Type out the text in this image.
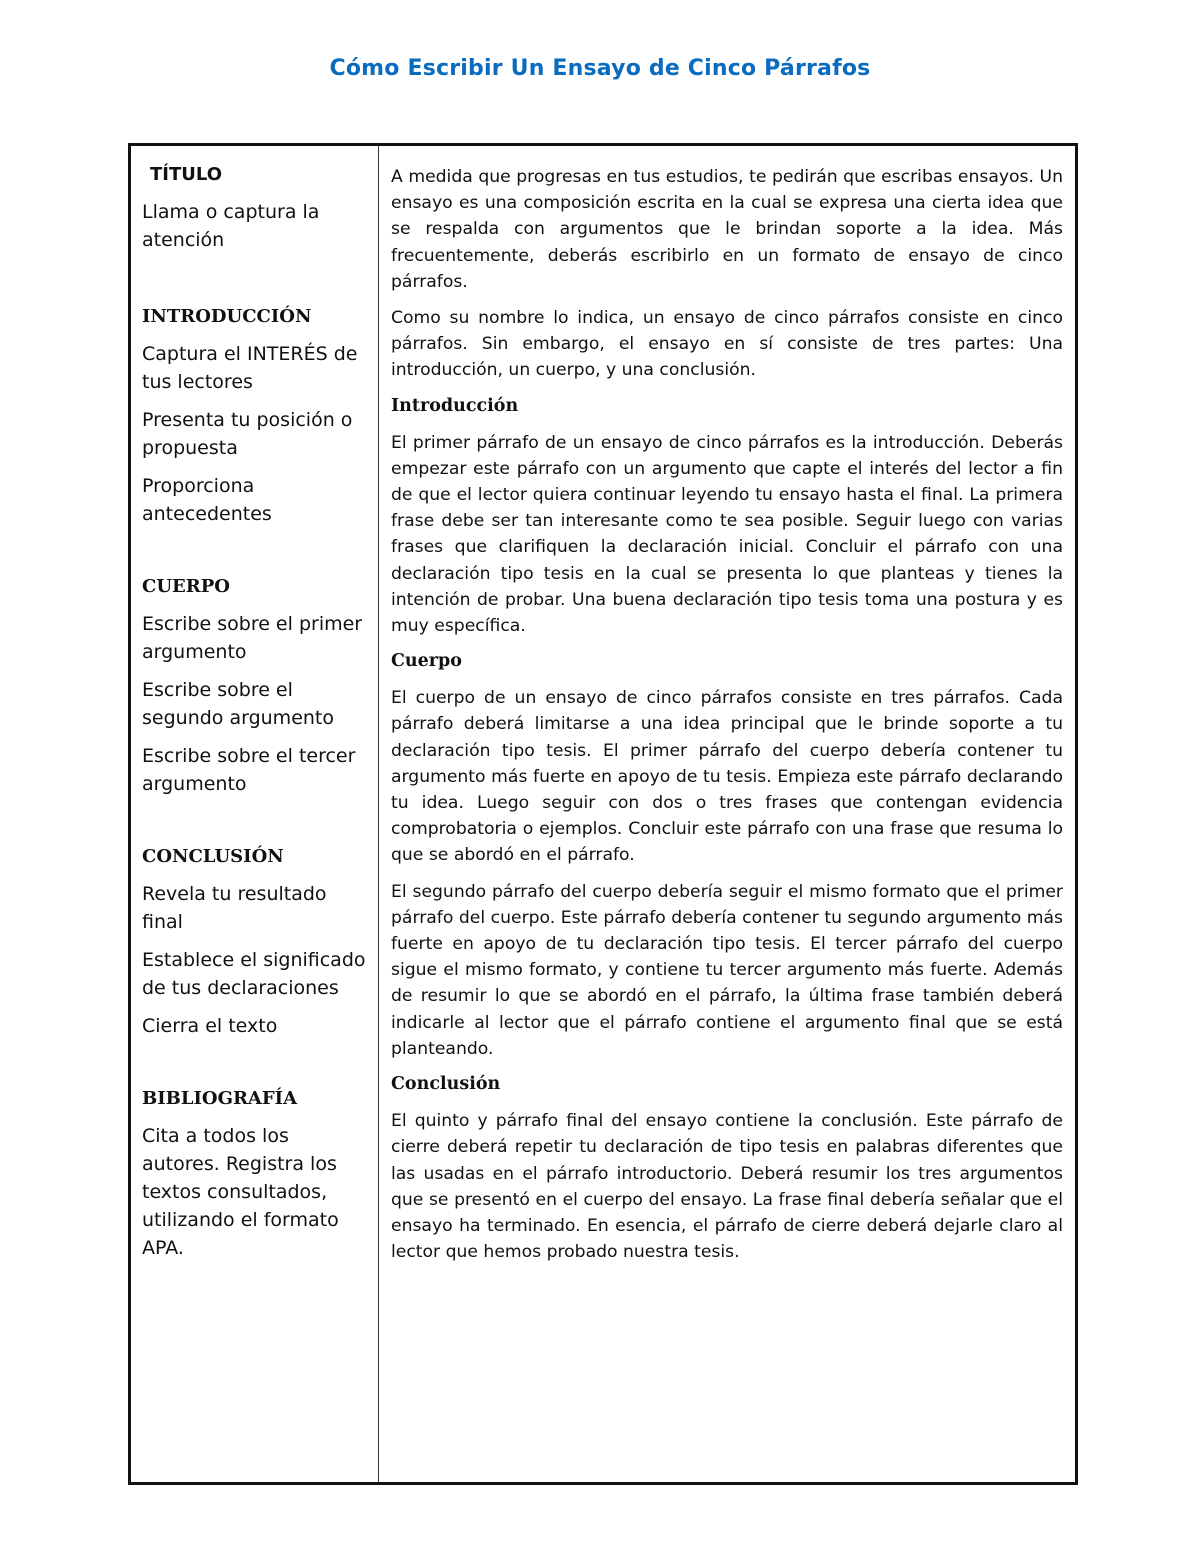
Cómo Escribir Un Ensayo de Cinco Párrafos
TÍTULO
Llama o captura la atención
INTRODUCCIÓN
Captura el INTERÉS de tus lectores
Presenta tu posición o propuesta
Proporciona antecedentes
CUERPO
Escribe sobre el primer argumento
Escribe sobre el segundo argumento
Escribe sobre el tercer argumento
CONCLUSIÓN
Revela tu resultado final
Establece el significado de tus declaraciones
Cierra el texto
BIBLIOGRAFÍA
Cita a todos los autores. Registra los textos consultados, utilizando el formato APA.

A medida que progresas en tus estudios, te pedirán que escribas ensayos. Un ensayo es una composición escrita en la cual se expresa una cierta idea que se respalda con argumentos que le brindan soporte a la idea. Más frecuentemente, deberás escribirlo en un formato de ensayo de cinco párrafos.

Como su nombre lo indica, un ensayo de cinco párrafos consiste en cinco párrafos. Sin embargo, el ensayo en sí consiste de tres partes: Una introducción, un cuerpo, y una conclusión.

Introducción

El primer párrafo de un ensayo de cinco párrafos es la introducción. Deberás empezar este párrafo con un argumento que capte el interés del lector a fin de que el lector quiera continuar leyendo tu ensayo hasta el final. La primera frase debe ser tan interesante como te sea posible. Seguir luego con varias frases que clarifiquen la declaración inicial. Concluir el párrafo con una declaración tipo tesis en la cual se presenta lo que planteas y tienes la intención de probar. Una buena declaración tipo tesis toma una postura y es muy específica.

Cuerpo

El cuerpo de un ensayo de cinco párrafos consiste en tres párrafos. Cada párrafo deberá limitarse a una idea principal que le brinde soporte a tu declaración tipo tesis. El primer párrafo del cuerpo debería contener tu argumento más fuerte en apoyo de tu tesis. Empieza este párrafo declarando tu idea. Luego seguir con dos o tres frases que contengan evidencia comprobatoria o ejemplos. Concluir este párrafo con una frase que resuma lo que se abordó en el párrafo.

El segundo párrafo del cuerpo debería seguir el mismo formato que el primer párrafo del cuerpo. Este párrafo debería contener tu segundo argumento más fuerte en apoyo de tu declaración tipo tesis. El tercer párrafo del cuerpo sigue el mismo formato, y contiene tu tercer argumento más fuerte. Además de resumir lo que se abordó en el párrafo, la última frase también deberá indicarle al lector que el párrafo contiene el argumento final que se está planteando.

Conclusión

El quinto y párrafo final del ensayo contiene la conclusión. Este párrafo de cierre deberá repetir tu declaración de tipo tesis en palabras diferentes que las usadas en el párrafo introductorio. Deberá resumir los tres argumentos que se presentó en el cuerpo del ensayo. La frase final debería señalar que el ensayo ha terminado. En esencia, el párrafo de cierre deberá dejarle claro al lector que hemos probado nuestra tesis.
